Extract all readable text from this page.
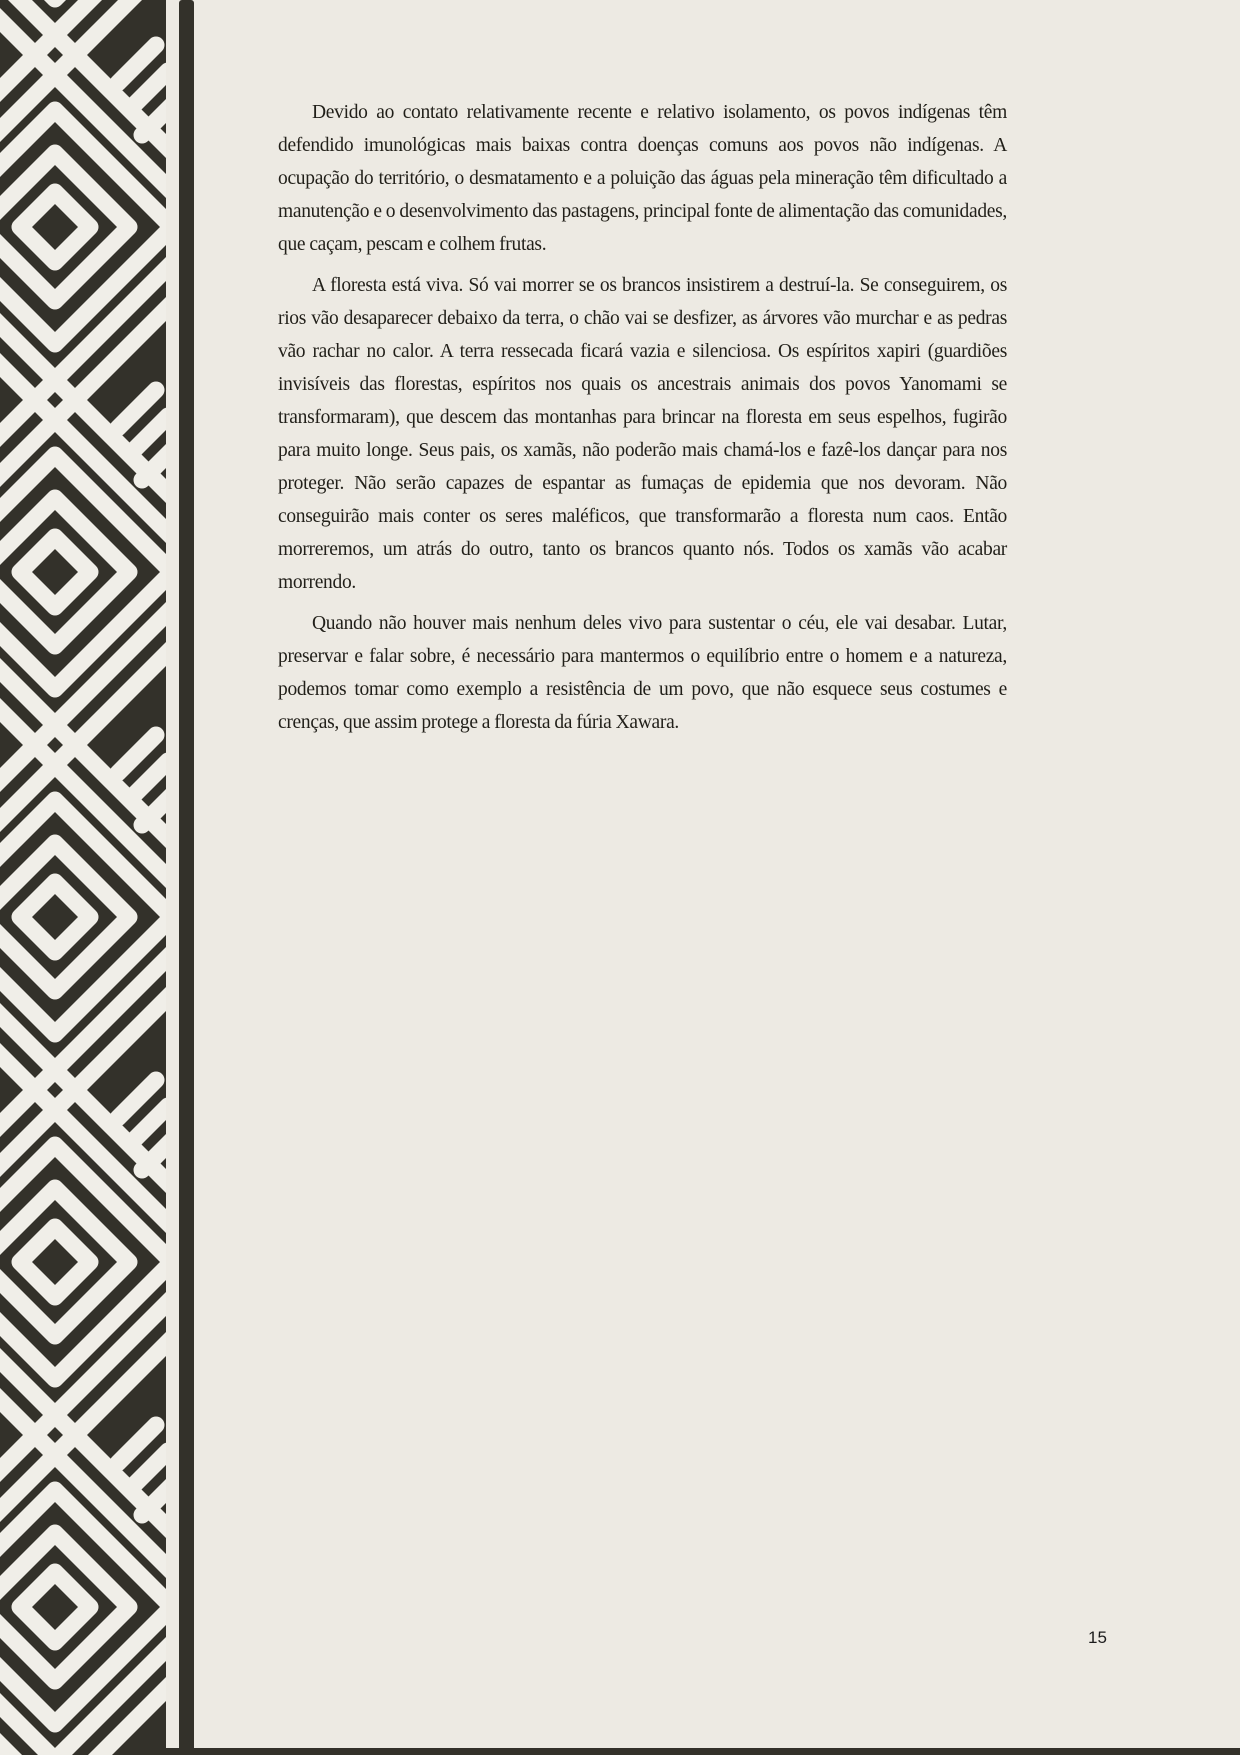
Devido ao contato relativamente recente e relativo isolamento, os povos indígenas têm defendido imunológicas mais baixas contra doenças comuns aos povos não indígenas. A ocupação do território, o desmatamento e a poluição das águas pela mineração têm dificultado a manutenção e o desenvolvimento das pastagens, principal fonte de alimentação das comunidades, que caçam, pescam e colhem frutas.

A floresta está viva. Só vai morrer se os brancos insistirem a destruí-la. Se conseguirem, os rios vão desaparecer debaixo da terra, o chão vai se desfizer, as árvores vão murchar e as pedras vão rachar no calor. A terra ressecada ficará vazia e silenciosa. Os espíritos xapiri (guardiões invisíveis das florestas, espíritos nos quais os ancestrais animais dos povos Yanomami se transformaram), que descem das montanhas para brincar na floresta em seus espelhos, fugirão para muito longe. Seus pais, os xamãs, não poderão mais chamá-los e fazê-los dançar para nos proteger. Não serão capazes de espantar as fumaças de epidemia que nos devoram. Não conseguirão mais conter os seres maléficos, que transformarão a floresta num caos. Então morreremos, um atrás do outro, tanto os brancos quanto nós. Todos os xamãs vão acabar morrendo.

Quando não houver mais nenhum deles vivo para sustentar o céu, ele vai desabar. Lutar, preservar e falar sobre, é necessário para mantermos o equilíbrio entre o homem e a natureza, podemos tomar como exemplo a resistência de um povo, que não esquece seus costumes e crenças, que assim protege a floresta da fúria Xawara.

15
